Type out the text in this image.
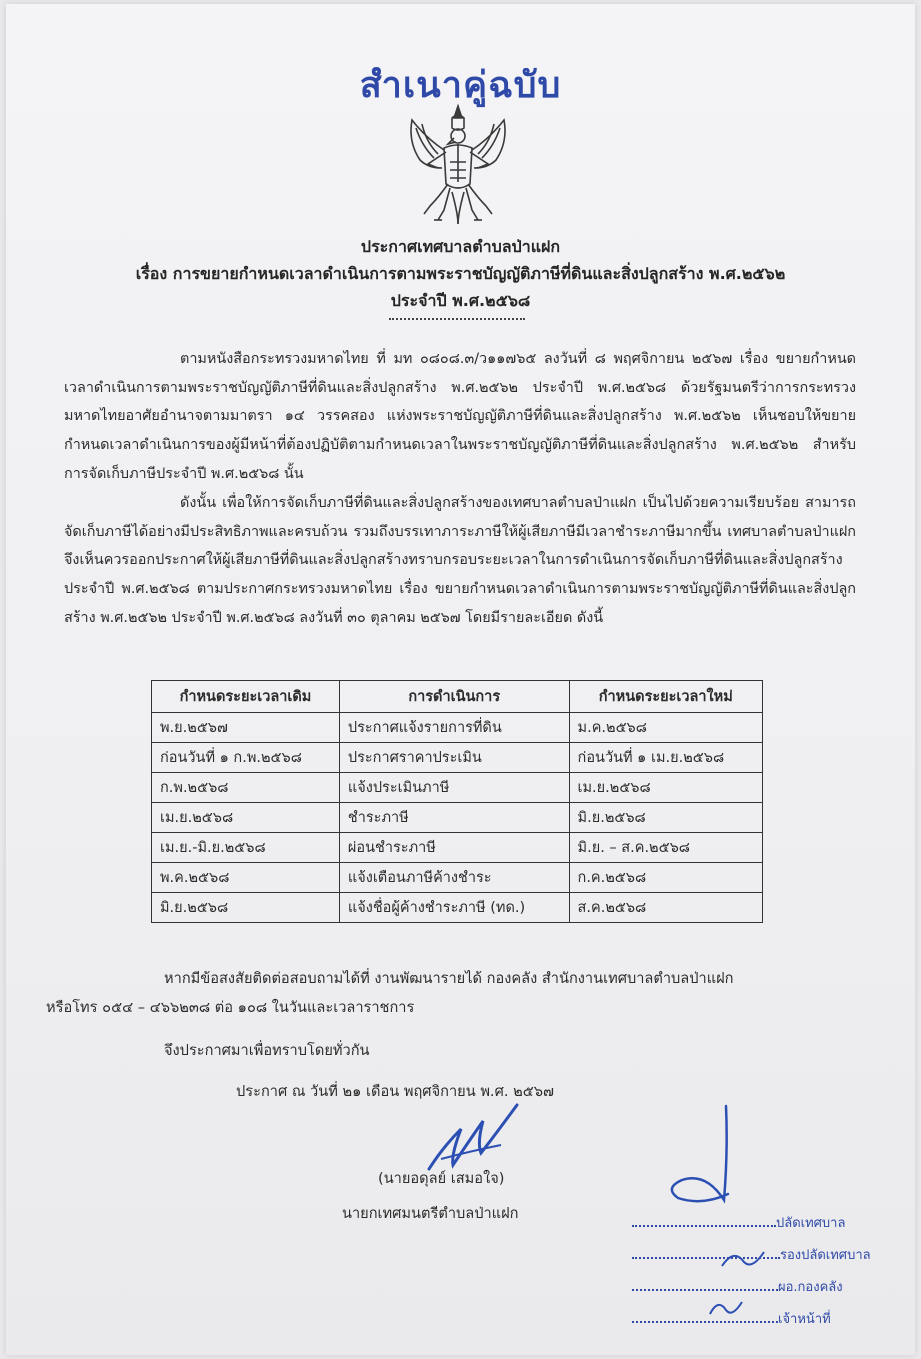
สำเนาคู่ฉบับ
ประกาศเทศบาลตำบลป่าแฝก
เรื่อง การขยายกำหนดเวลาดำเนินการตามพระราชบัญญัติภาษีที่ดินและสิ่งปลูกสร้าง พ.ศ.๒๕๖๒
ประจำปี พ.ศ.๒๕๖๘
ตามหนังสือกระทรวงมหาดไทย ที่ มท ๐๘๐๘.๓/ว๑๑๗๖๕ ลงวันที่ ๘ พฤศจิกายน ๒๕๖๗ เรื่อง ขยายกำหนดเวลาดำเนินการตามพระราชบัญญัติภาษีที่ดินและสิ่งปลูกสร้าง พ.ศ.๒๕๖๒ ประจำปี พ.ศ.๒๕๖๘ ด้วยรัฐมนตรีว่าการกระทรวงมหาดไทยอาศัยอำนาจตามมาตรา ๑๔ วรรคสอง แห่งพระราชบัญญัติภาษีที่ดินและสิ่งปลูกสร้าง พ.ศ.๒๕๖๒ เห็นชอบให้ขยายกำหนดเวลาดำเนินการของผู้มีหน้าที่ต้องปฏิบัติตามกำหนดเวลาในพระราชบัญญัติภาษีที่ดินและสิ่งปลูกสร้าง พ.ศ.๒๕๖๒ สำหรับการจัดเก็บภาษีประจำปี พ.ศ.๒๕๖๘ นั้น
ดังนั้น เพื่อให้การจัดเก็บภาษีที่ดินและสิ่งปลูกสร้างของเทศบาลตำบลป่าแฝก เป็นไปด้วยความเรียบร้อย สามารถจัดเก็บภาษีได้อย่างมีประสิทธิภาพและครบถ้วน รวมถึงบรรเทาภาระภาษีให้ผู้เสียภาษีมีเวลาชำระภาษีมากขึ้น เทศบาลตำบลป่าแฝก จึงเห็นควรออกประกาศให้ผู้เสียภาษีที่ดินและสิ่งปลูกสร้างทราบกรอบระยะเวลาในการดำเนินการจัดเก็บภาษีที่ดินและสิ่งปลูกสร้างประจำปี พ.ศ.๒๕๖๘ ตามประกาศกระทรวงมหาดไทย เรื่อง ขยายกำหนดเวลาดำเนินการตามพระราชบัญญัติภาษีที่ดินและสิ่งปลูกสร้าง พ.ศ.๒๕๖๒ ประจำปี พ.ศ.๒๕๖๘ ลงวันที่ ๓๐ ตุลาคม ๒๕๖๗ โดยมีรายละเอียด ดังนี้
กำหนดระยะเวลาเดิม	การดำเนินการ	กำหนดระยะเวลาใหม่
พ.ย.๒๕๖๗	ประกาศแจ้งรายการที่ดิน	ม.ค.๒๕๖๘
ก่อนวันที่ ๑ ก.พ.๒๕๖๘	ประกาศราคาประเมิน	ก่อนวันที่ ๑ เม.ย.๒๕๖๘
ก.พ.๒๕๖๘	แจ้งประเมินภาษี	เม.ย.๒๕๖๘
เม.ย.๒๕๖๘	ชำระภาษี	มิ.ย.๒๕๖๘
เม.ย.-มิ.ย.๒๕๖๘	ผ่อนชำระภาษี	มิ.ย. – ส.ค.๒๕๖๘
พ.ค.๒๕๖๘	แจ้งเตือนภาษีค้างชำระ	ก.ค.๒๕๖๘
มิ.ย.๒๕๖๘	แจ้งชื่อผู้ค้างชำระภาษี (ทด.)	ส.ค.๒๕๖๘
หากมีข้อสงสัยติดต่อสอบถามได้ที่ งานพัฒนารายได้ กองคลัง สำนักงานเทศบาลตำบลป่าแฝก
หรือโทร ๐๕๔ – ๔๖๖๒๓๘ ต่อ ๑๐๘ ในวันและเวลาราชการ
จึงประกาศมาเพื่อทราบโดยทั่วกัน
ประกาศ ณ วันที่ ๒๑ เดือน พฤศจิกายน พ.ศ. ๒๕๖๗
(นายอดุลย์ เสมอใจ)
นายกเทศมนตรีตำบลป่าแฝก
ปลัดเทศบาล
รองปลัดเทศบาล
ผอ.กองคลัง
เจ้าหน้าที่
